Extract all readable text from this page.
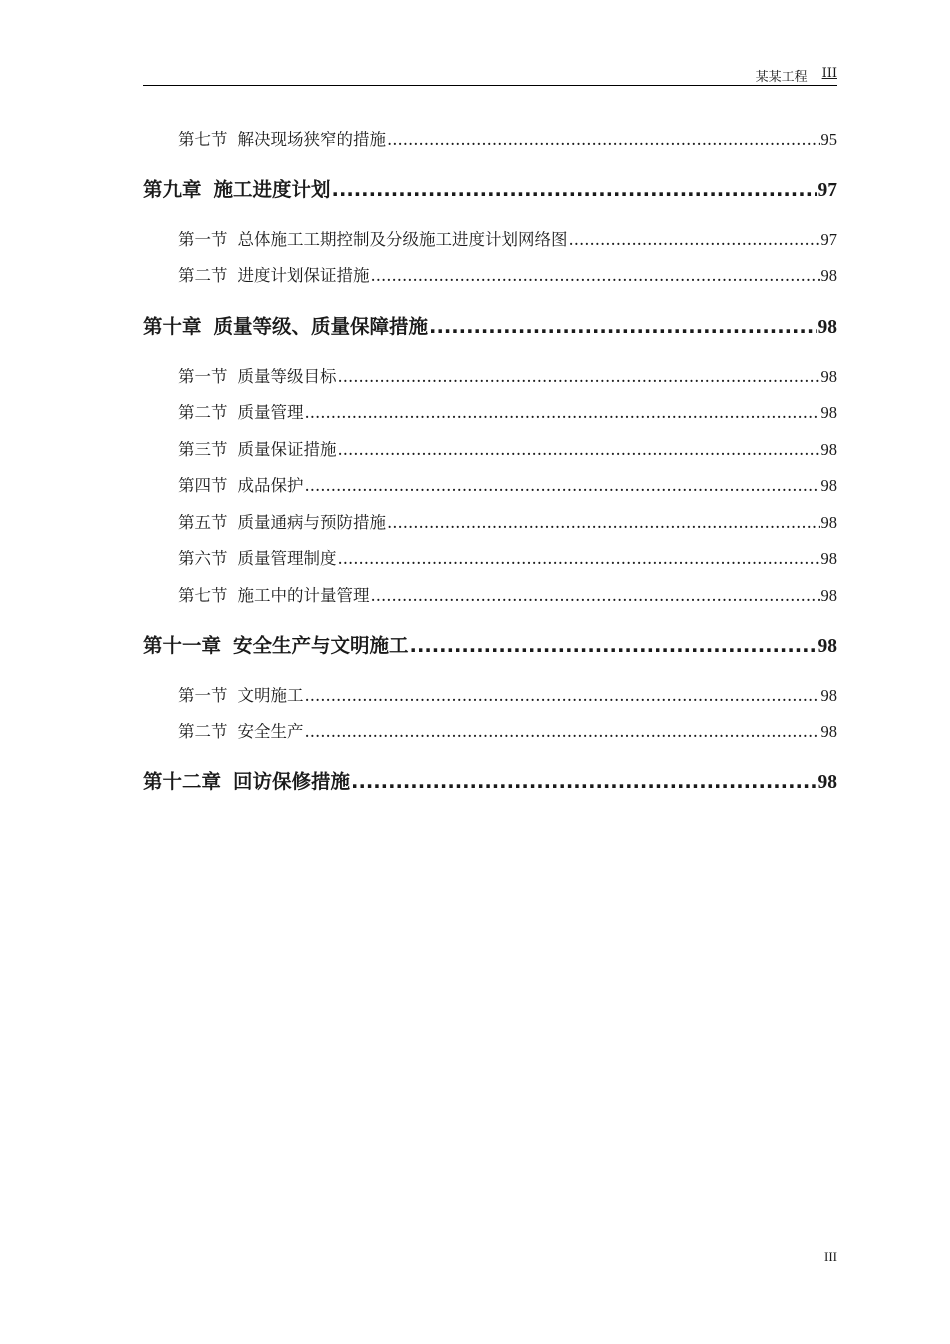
某某工程 III
第七节 解决现场狭窄的措施 .....	95
第九章 施工进度计划 .....	97
第一节 总体施工工期控制及分级施工进度计划网络图 .....	97
第二节 进度计划保证措施 .....	98
第十章 质量等级、质量保障措施 .....	98
第一节 质量等级目标 .....	98
第二节 质量管理 .....	98
第三节 质量保证措施 .....	98
第四节 成品保护 .....	98
第五节 质量通病与预防措施 .....	98
第六节 质量管理制度 .....	98
第七节 施工中的计量管理 .....	98
第十一章 安全生产与文明施工 .....	98
第一节 文明施工 .....	98
第二节 安全生产 .....	98
第十二章 回访保修措施 .....	98
III
